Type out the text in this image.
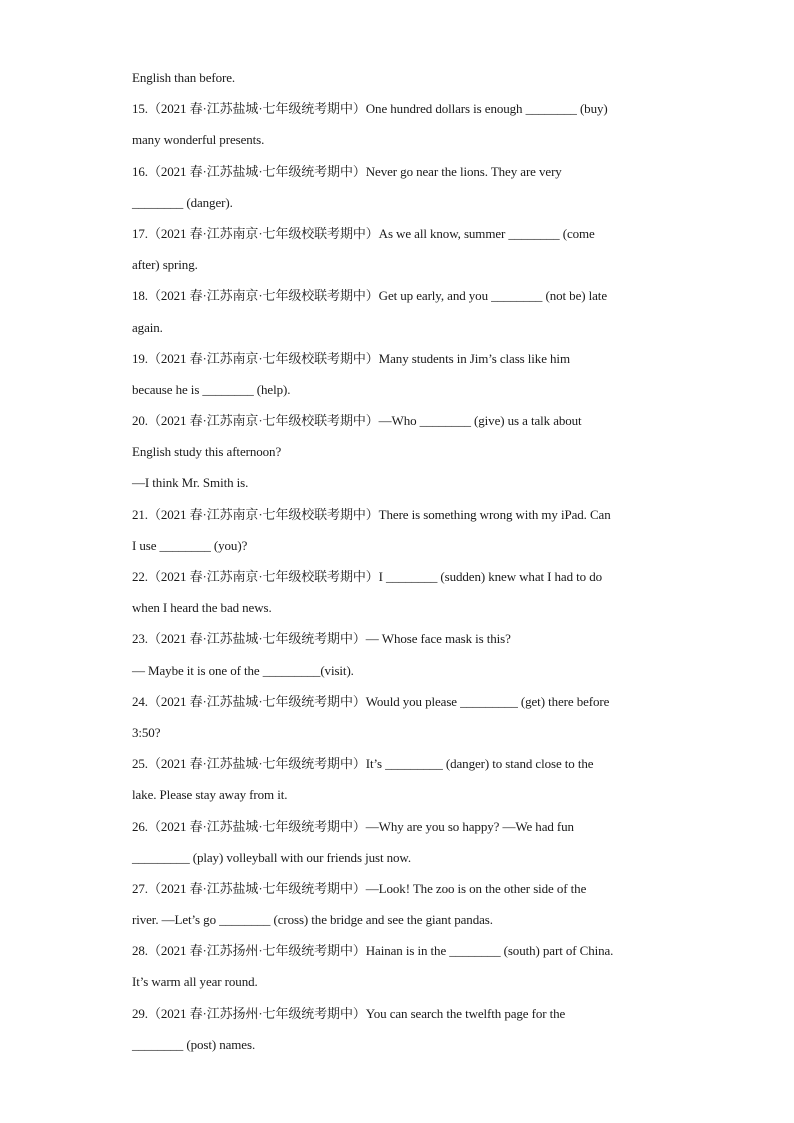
English than before.
15.（2021 春·江苏盐城·七年级统考期中）One hundred dollars is enough ________ (buy)
many wonderful presents.
16.（2021 春·江苏盐城·七年级统考期中）Never go near the lions. They are very
________ (danger).
17.（2021 春·江苏南京·七年级校联考期中）As we all know, summer ________ (come
after) spring.
18.（2021 春·江苏南京·七年级校联考期中）Get up early, and you ________ (not be) late
again.
19.（2021 春·江苏南京·七年级校联考期中）Many students in Jim’s class like him
because he is ________ (help).
20.（2021 春·江苏南京·七年级校联考期中）—Who ________ (give) us a talk about
English study this afternoon?
—I think Mr. Smith is.
21.（2021 春·江苏南京·七年级校联考期中）There is something wrong with my iPad. Can
I use ________ (you)?
22.（2021 春·江苏南京·七年级校联考期中）I ________ (sudden) knew what I had to do
when I heard the bad news.
23.（2021 春·江苏盐城·七年级统考期中）— Whose face mask is this?
— Maybe it is one of the _________(visit).
24.（2021 春·江苏盐城·七年级统考期中）Would you please _________ (get) there before
3:50?
25.（2021 春·江苏盐城·七年级统考期中）It’s _________ (danger) to stand close to the
lake. Please stay away from it.
26.（2021 春·江苏盐城·七年级统考期中）—Why are you so happy? —We had fun
_________ (play) volleyball with our friends just now.
27.（2021 春·江苏盐城·七年级统考期中）—Look! The zoo is on the other side of the
river. —Let’s go ________ (cross) the bridge and see the giant pandas.
28.（2021 春·江苏扬州·七年级统考期中）Hainan is in the ________ (south) part of China.
It’s warm all year round.
29.（2021 春·江苏扬州·七年级统考期中）You can search the twelfth page for the
________ (post) names.
